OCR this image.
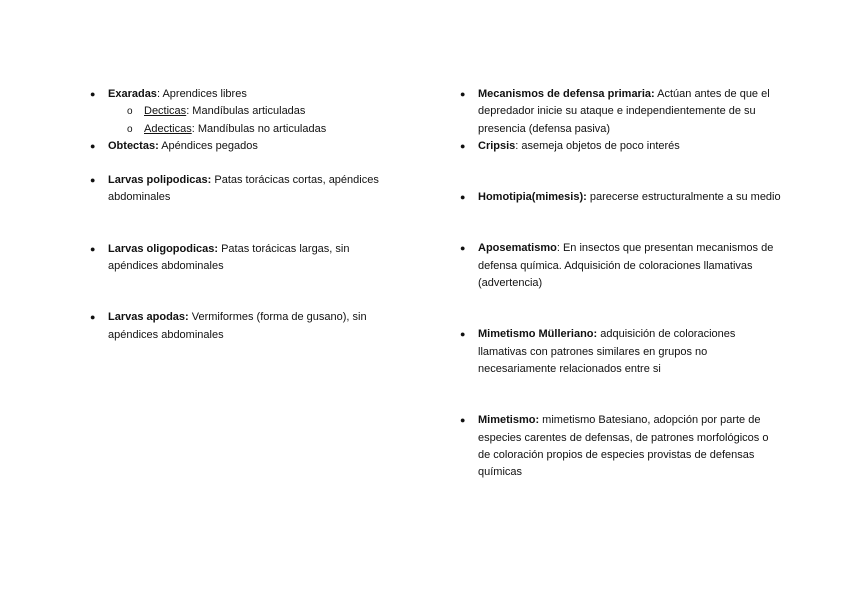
●	Exaradas: Aprendices libres
o Decticas: Mandíbulas articuladas
o Adecticas: Mandíbulas no articuladas
●	Obtectas: Apéndices pegados
●	Larvas polipodicas: Patas torácicas cortas, apéndices abdominales
●	Larvas oligopodicas: Patas torácicas largas, sin apéndices abdominales
●	Larvas apodas: Vermiformes (forma de gusano), sin apéndices abdominales
●	Mecanismos de defensa primaria: Actúan antes de que el depredador inicie su ataque e independientemente de su presencia (defensa pasiva)
●	Cripsis: asemeja objetos de poco interés
●	Homotipia(mimesis): parecerse estructuralmente a su medio
●	Aposematismo: En insectos que presentan mecanismos de defensa química. Adquisición de coloraciones llamativas (advertencia)
●	Mimetismo Mülleriano: adquisición de coloraciones llamativas con patrones similares en grupos no necesariamente relacionados entre si
●	Mimetismo: mimetismo Batesiano, adopción por parte de especies carentes de defensas, de patrones morfológicos o de coloración propios de especies provistas de defensas químicas
